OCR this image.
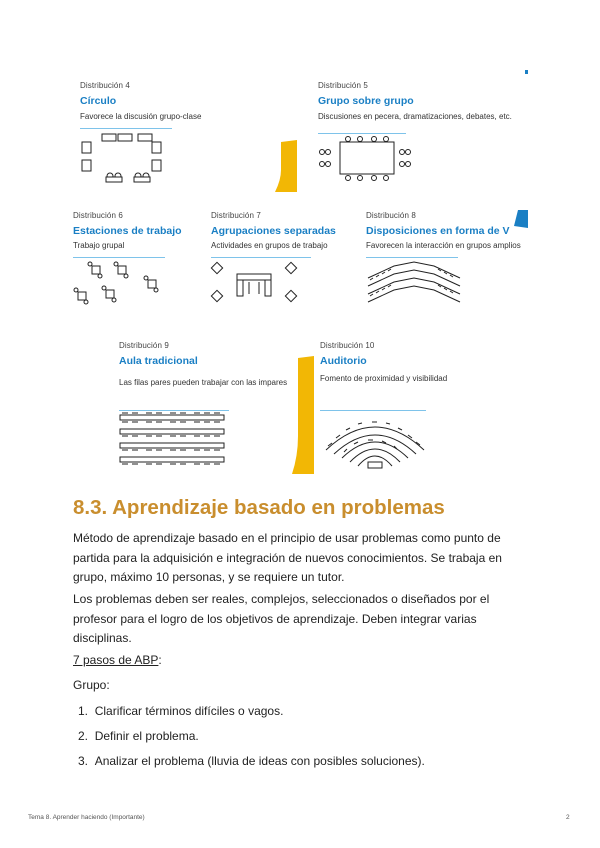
Distribución 4
Círculo
Favorece la discusión grupo-clase
Distribución 5
Grupo sobre grupo
Discusiones en pecera, dramatizaciones, debates, etc.
Distribución 6
Estaciones de trabajo
Trabajo grupal
Distribución 7
Agrupaciones separadas
Actividades en grupos de trabajo
Distribución 8
Disposiciones en forma de V
Favorecen la interacción en grupos amplios
Distribución 9
Aula tradicional
Las filas pares pueden trabajar con las impares
Distribución 10
Auditorio
Fomento de proximidad y visibilidad
8.3. Aprendizaje basado en problemas
Método de aprendizaje basado en el principio de usar problemas como punto de partida para la adquisición e integración de nuevos conocimientos. Se trabaja en grupo, máximo 10 personas, y se requiere un tutor.
Los problemas deben ser reales, complejos, seleccionados o diseñados por el profesor para el logro de los objetivos de aprendizaje. Deben integrar varias disciplinas.
7 pasos de ABP:
Grupo:
1. Clarificar términos difíciles o vagos.
2. Definir el problema.
3. Analizar el problema (lluvia de ideas con posibles soluciones).
Tema 8. Aprender haciendo (Importante)	2
